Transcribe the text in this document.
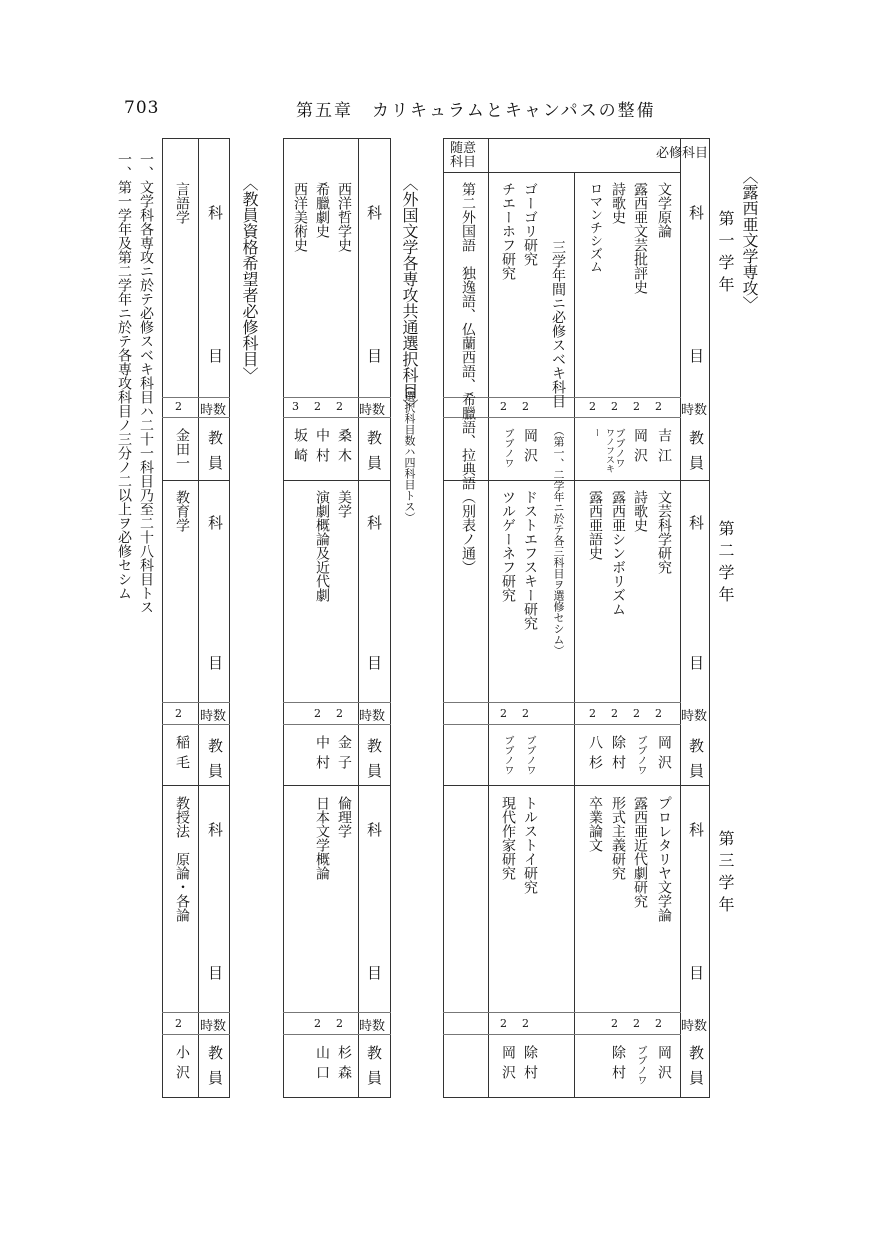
703	第五章　カリキュラムとキャンパスの整備
〈露西亜文学専攻〉
第一学年
第二学年
第三学年
科
目
時数
教
員
科
目
時数
教
員
科
目
時数
教
員
必修科目
随意科目
文学原論
露西亜文芸批評史
詩歌史
ロマンチシズム
2
2
2
2
吉江
岡沢
ブブノワ
ワノフスキー
文芸科学研究
詩歌史
露西亜シンボリズム
露西亜語史
2
2
2
2
岡沢
ブブノワ
除村
八杉
プロレタリヤ文学論
露西亜近代劇研究
形式主義研究
卒業論文
2
2
2
岡沢
ブブノワ
除村
三学年間ニ必修スベキ科目
（第一、二学年ニ於テ各三科目ヲ選修セシム）
ゴーゴリ研究
チエーホフ研究
2
2
岡沢
ブブノワ
ドストエフスキー研究
ツルゲーネフ研究
2
2
ブブノワ
ブブノワ
トルストイ研究
現代作家研究
2
2
除村
岡沢
第二外国語　独逸語、仏蘭西語、希臘語、拉典語（別表ノ通）
〈外国文学各専攻共通選択科目〉
（選択科目数ハ四科目トス）
科
目
時数
教
員
科
目
時数
教
員
科
目
時数
教
員
西洋哲学史
希臘劇史
西洋美術史
2
2
3
桑木
中村
坂崎
美学
演劇概論及近代劇
2
2
金子
中村
倫理学
日本文学概論
2
2
杉森
山口
〈教員資格希望者必修科目〉
科
目
時数
教
員
科
目
時数
教
員
科
目
時数
教
員
言語学
2
金田一
教育学
2
稲毛
教授法　原論・各論
2
小沢
一、文学科各専攻ニ於テ必修スベキ科目ハ二十一科目乃至二十八科目トス
一、第一学年及第二学年ニ於テ各専攻科目ノ三分ノ二以上ヲ必修セシム
